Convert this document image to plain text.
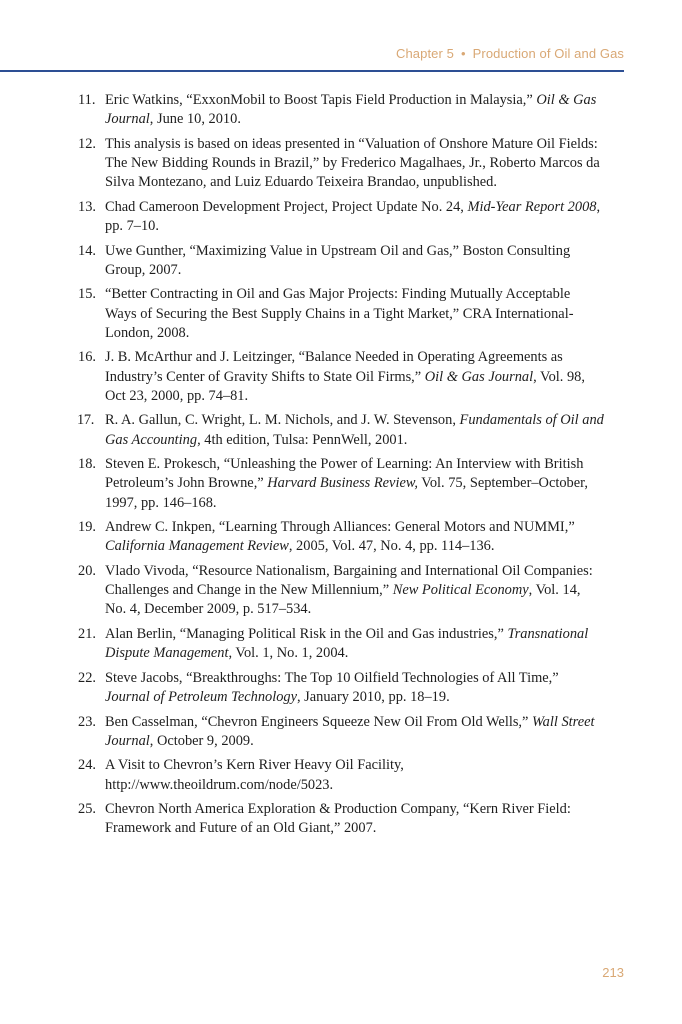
Chapter 5 • Production of Oil and Gas
11. Eric Watkins, “ExxonMobil to Boost Tapis Field Production in Malaysia,” Oil & Gas Journal, June 10, 2010.
12. This analysis is based on ideas presented in “Valuation of Onshore Mature Oil Fields: The New Bidding Rounds in Brazil,” by Frederico Magalhaes, Jr., Roberto Marcos da Silva Montezano, and Luiz Eduardo Teixeira Brandao, unpublished.
13. Chad Cameroon Development Project, Project Update No. 24, Mid-Year Report 2008, pp. 7–10.
14. Uwe Gunther, “Maximizing Value in Upstream Oil and Gas,” Boston Consulting Group, 2007.
15. “Better Contracting in Oil and Gas Major Projects: Finding Mutually Acceptable Ways of Securing the Best Supply Chains in a Tight Market,” CRA International-London, 2008.
16. J. B. McArthur and J. Leitzinger, “Balance Needed in Operating Agreements as Industry’s Center of Gravity Shifts to State Oil Firms,” Oil & Gas Journal, Vol. 98, Oct 23, 2000, pp. 74–81.
17. R. A. Gallun, C. Wright, L. M. Nichols, and J. W. Stevenson, Fundamentals of Oil and Gas Accounting, 4th edition, Tulsa: PennWell, 2001.
18. Steven E. Prokesch, “Unleashing the Power of Learning: An Interview with British Petroleum’s John Browne,” Harvard Business Review, Vol. 75, September–October, 1997, pp. 146–168.
19. Andrew C. Inkpen, “Learning Through Alliances: General Motors and NUMMI,” California Management Review, 2005, Vol. 47, No. 4, pp. 114–136.
20. Vlado Vivoda, “Resource Nationalism, Bargaining and International Oil Companies: Challenges and Change in the New Millennium,” New Political Economy, Vol. 14, No. 4, December 2009, p. 517–534.
21. Alan Berlin, “Managing Political Risk in the Oil and Gas industries,” Transnational Dispute Management, Vol. 1, No. 1, 2004.
22. Steve Jacobs, “Breakthroughs: The Top 10 Oilfield Technologies of All Time,” Journal of Petroleum Technology, January 2010, pp. 18–19.
23. Ben Casselman, “Chevron Engineers Squeeze New Oil From Old Wells,” Wall Street Journal, October 9, 2009.
24. A Visit to Chevron’s Kern River Heavy Oil Facility, http://www.theoildrum.com/node/5023.
25. Chevron North America Exploration & Production Company, “Kern River Field: Framework and Future of an Old Giant,” 2007.
213
